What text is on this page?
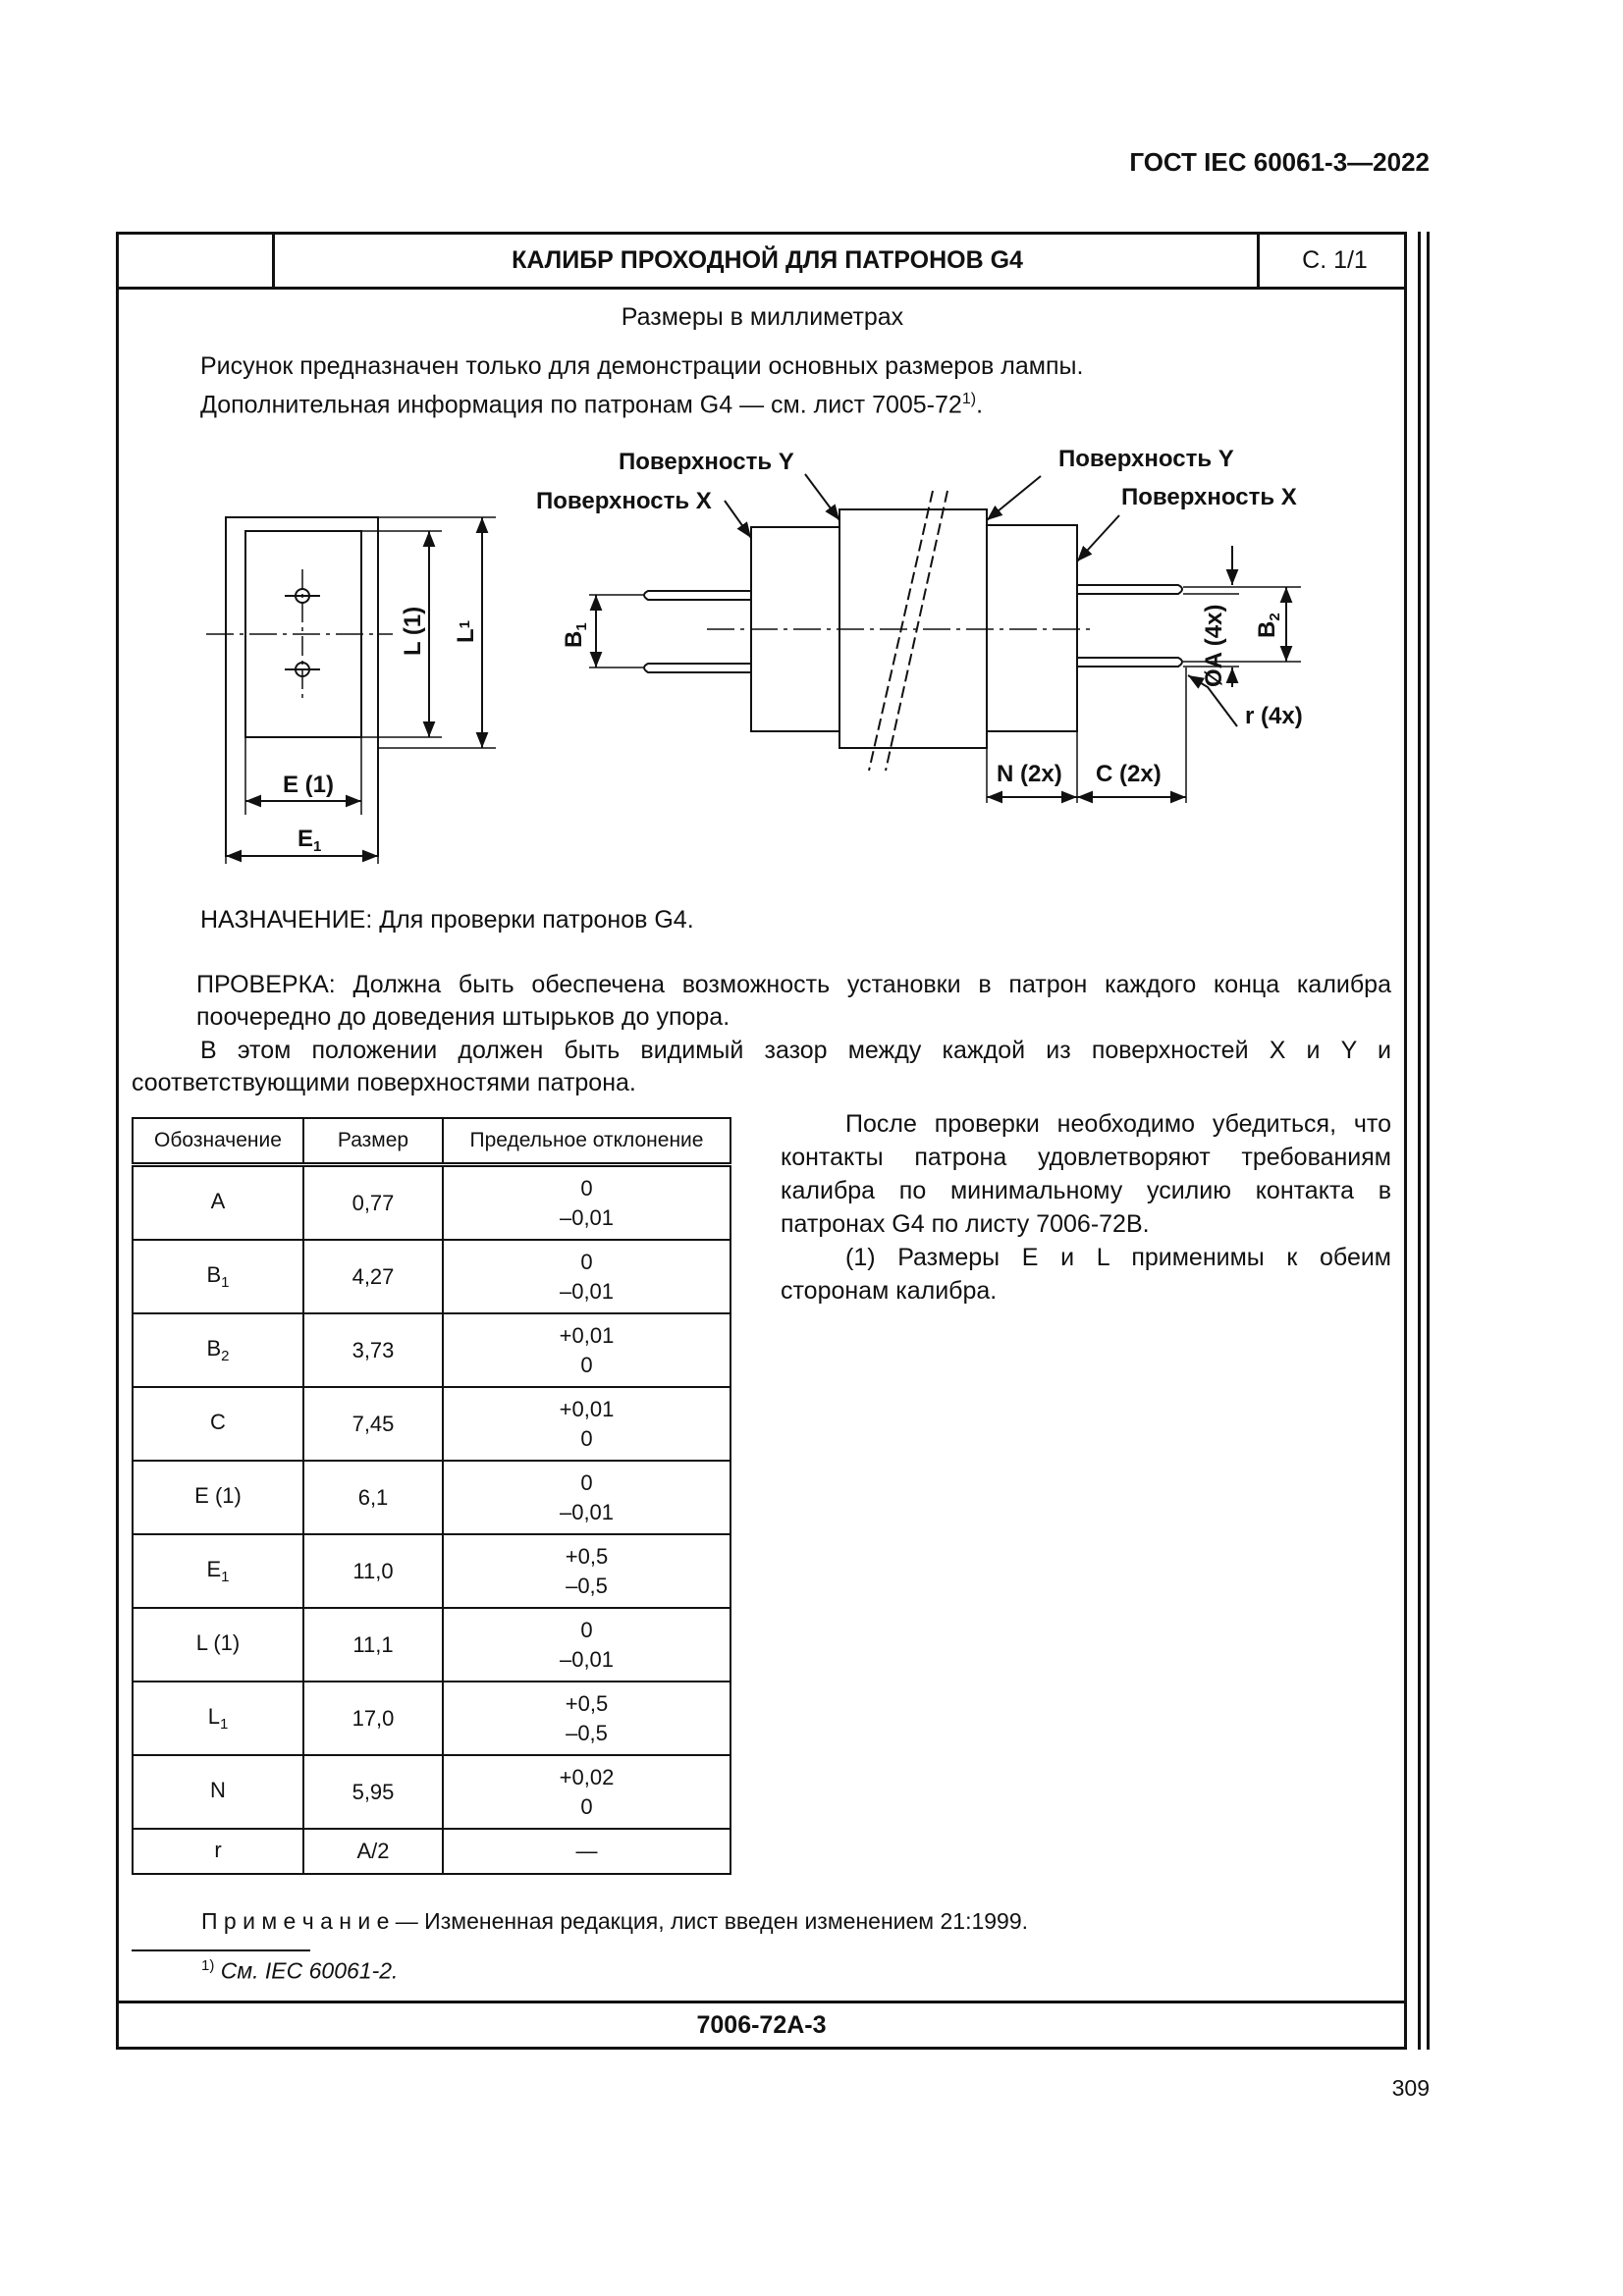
ГОСТ IEC 60061-3—2022
КАЛИБР ПРОХОДНОЙ ДЛЯ ПАТРОНОВ G4	С. 1/1
7006-72А-3
Размеры в миллиметрах
Рисунок предназначен только для демонстрации основных размеров лампы.
Дополнительная информация по патронам G4 — см. лист 7005-72$^{1)}$.
Поверхность Y
Поверхность X
Поверхность Y
Поверхность X
L (1) L1
E (1)
$E_1$
$B_1$	$B_2$
ØA (4x)
r (4x)
N (2x) C (2x)
НАЗНАЧЕНИЕ: Для проверки патронов G4.
ПРОВЕРКА: Должна быть обеспечена возможность установки в патрон каждого конца калибра поочередно до доведения штырьков до упора.
В этом положении должен быть видимый зазор между каждой из поверхностей X и Y и соответствующими поверхностями патрона.
Обозначение	Размер	Предельное отклонение
A	0,77	0
–0,01

$B_1$	4,27	0
–0,01

$B_2$	3,73	+0,01
0

C	7,45	+0,01
0

E (1)	6,1	0
–0,01

$E_1$	11,0	+0,5
–0,5

L (1)	11,1	0
–0,01

$L_1$	17,0	+0,5
–0,5

N	5,95	+0,02
0

r	A/2	—

После проверки необходимо убедиться, что контакты патрона удовлетворяют требованиям калибра по минимальному усилию контакта в патронах G4 по листу 7006-72В.

(1) Размеры E и L применимы к обеим сторонам калибра.

П р и м е ч а н и е — Измененная редакция, лист введен изменением 21:1999.
$^{1)}$ См. IEC 60061-2.
309
